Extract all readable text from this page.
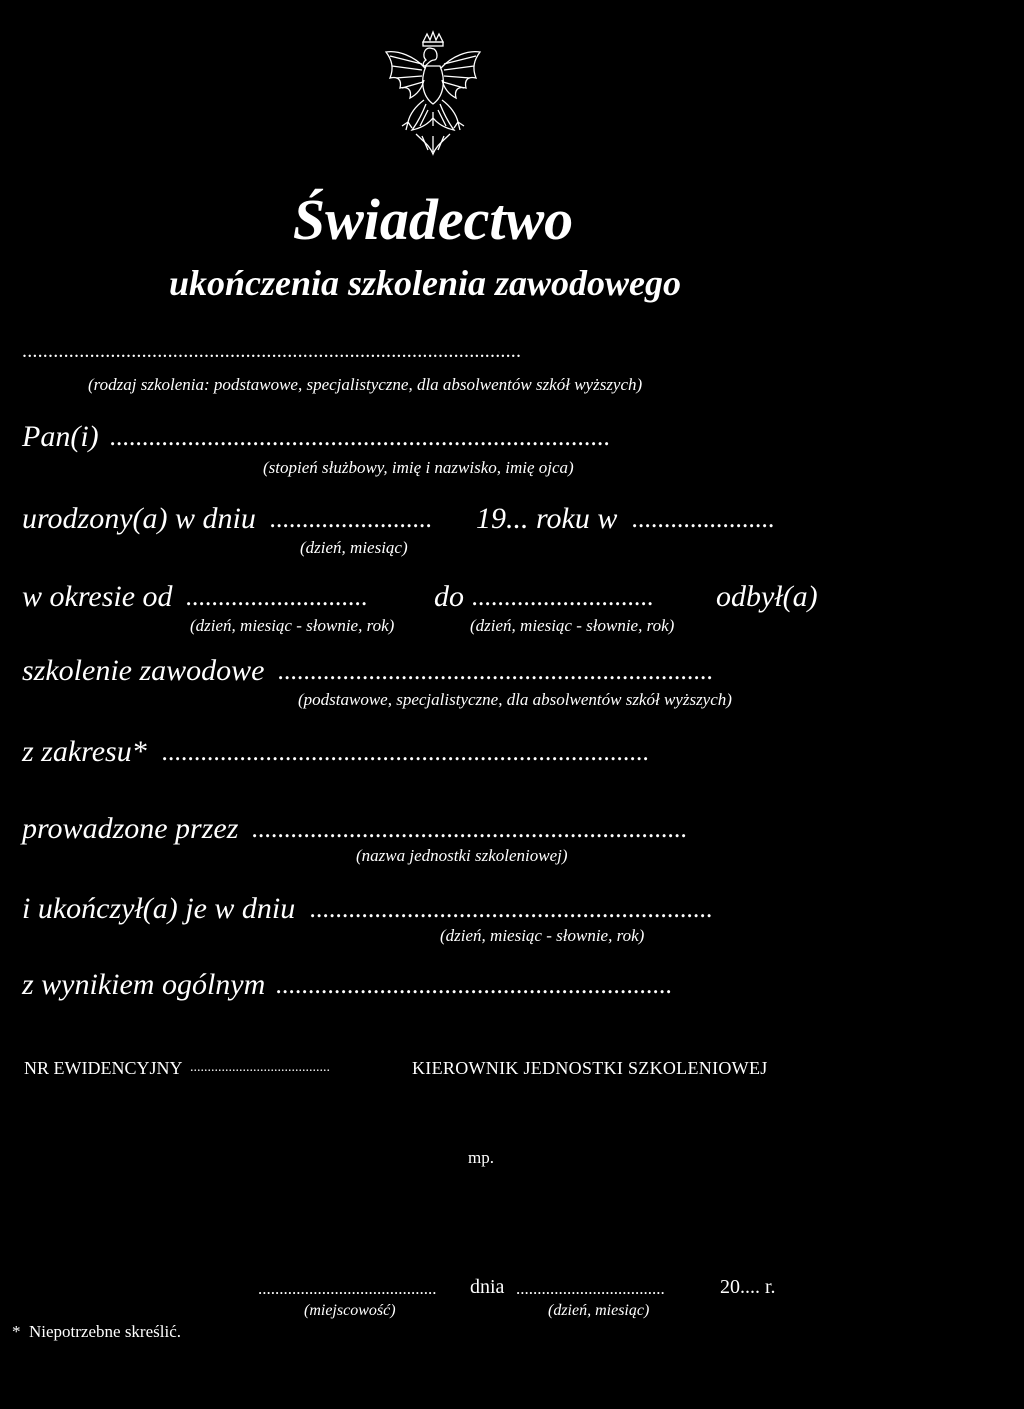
Świadectwo
ukończenia szkolenia zawodowego
................................................................................................
(rodzaj szkolenia: podstawowe, specjalistyczne, dla absolwentów szkół wyższych)
Pan(i) .............................................................................
(stopień służbowy, imię i nazwisko, imię ojca)
urodzony(a) w dniu ......................... 19... roku w ......................
(dzień, miesiąc)
w okresie od ............................ do ............................ odbył(a)
(dzień, miesiąc - słownie, rok)	(dzień, miesiąc - słownie, rok)
szkolenie zawodowe ...................................................................
(podstawowe, specjalistyczne, dla absolwentów szkół wyższych)
z zakresu* ...........................................................................
prowadzone przez ...................................................................
(nazwa jednostki szkoleniowej)
i ukończył(a) je w dniu ..............................................................
(dzień, miesiąc - słownie, rok)
z wynikiem ogólnym .............................................................
NR EWIDENCYJNY ........................................	KIEROWNIK JEDNOSTKI SZKOLENIOWEJ
mp.
.......................................... dnia ...................................	20.... r.
(miejscowość)	(dzień, miesiąc)
*  Niepotrzebne skreślić.
